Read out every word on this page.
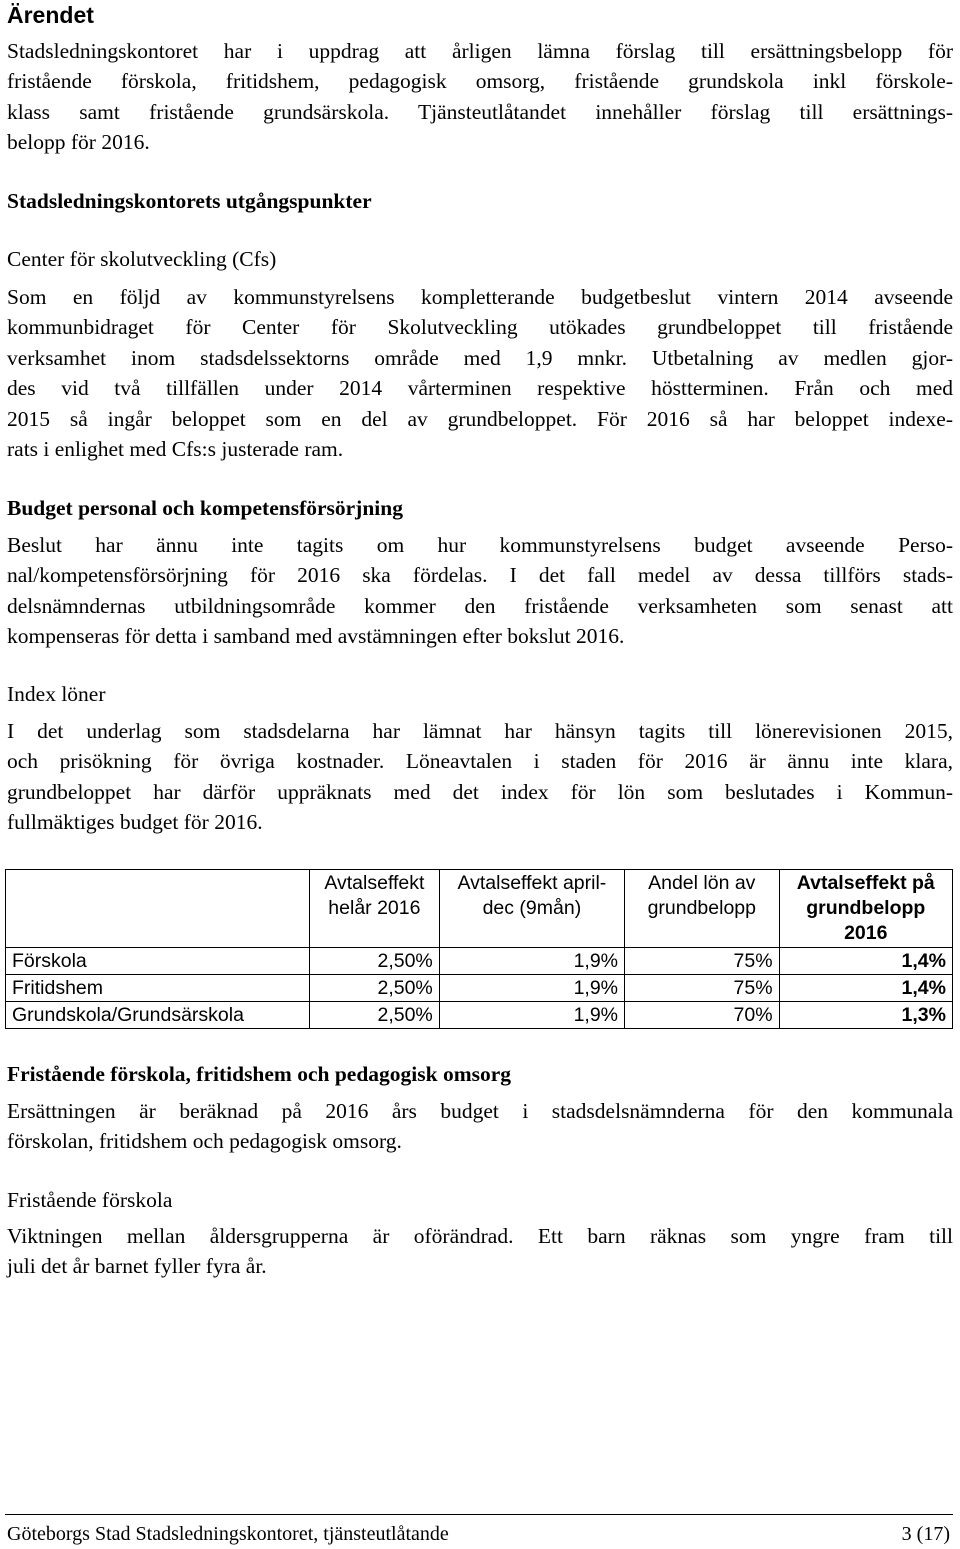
Ärendet

Stadsledningskontoret har i uppdrag att årligen lämna förslag till ersättningsbelopp för
fristående förskola, fritidshem, pedagogisk omsorg, fristående grundskola inkl förskole-
klass samt fristående grundsärskola. Tjänsteutlåtandet innehåller förslag till ersättnings-
belopp för 2016.

Stadsledningskontorets utgångspunkter
Center för skolutveckling (Cfs)

Som en följd av kommunstyrelsens kompletterande budgetbeslut vintern 2014 avseende
kommunbidraget för Center för Skolutveckling utökades grundbeloppet till fristående
verksamhet inom stadsdelssektorns område med 1,9 mnkr. Utbetalning av medlen gjor-
des vid två tillfällen under 2014 vårterminen respektive höstterminen. Från och med
2015 så ingår beloppet som en del av grundbeloppet. För 2016 så har beloppet indexe-
rats i enlighet med Cfs:s justerade ram.

Budget personal och kompetensförsörjning

Beslut har ännu inte tagits om hur kommunstyrelsens budget avseende Perso-
nal/kompetensförsörjning för 2016 ska fördelas. I det fall medel av dessa tillförs stads-
delsnämndernas utbildningsområde kommer den fristående verksamheten som senast att
kompenseras för detta i samband med avstämningen efter bokslut 2016.

Index löner

I det underlag som stadsdelarna har lämnat har hänsyn tagits till lönerevisionen 2015,
och prisökning för övriga kostnader. Löneavtalen i staden för 2016 är ännu inte klara,
grundbeloppet har därför uppräknats med det index för lön som beslutades i Kommun-
fullmäktiges budget för 2016.

	Avtalseffekt helår 2016	Avtalseffekt april-dec (9mån)	Andel lön av grundbelopp	Avtalseffekt på grundbelopp 2016
Förskola	2,50%	1,9%	75%	1,4%
Fritidshem	2,50%	1,9%	75%	1,4%
Grundskola/Grundsärskola	2,50%	1,9%	70%	1,3%
Fristående förskola, fritidshem och pedagogisk omsorg

Ersättningen är beräknad på 2016 års budget i stadsdelsnämnderna för den kommunala
förskolan, fritidshem och pedagogisk omsorg.

Fristående förskola

Viktningen mellan åldersgrupperna är oförändrad. Ett barn räknas som yngre fram till
juli det år barnet fyller fyra år.

Göteborgs Stad Stadsledningskontoret, tjänsteutlåtande	3 (17)
